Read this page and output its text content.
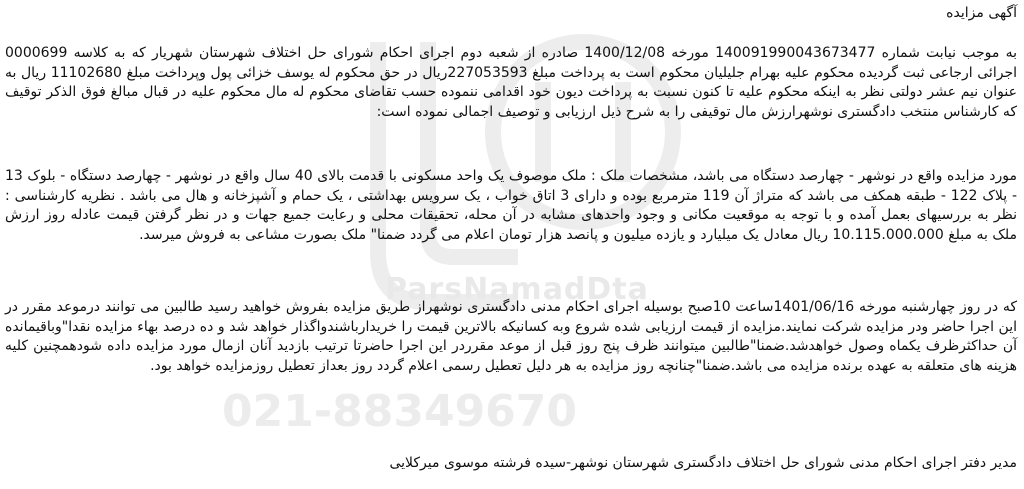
ParsNamadDta
021-88349670
آگهی مزایده

به موجب نیابت شماره 140091990043673477 مورخه 1400/12/08 صادره از شعبه دوم اجرای احکام شورای حل اختلاف شهرستان شهریار که به کلاسه 0000699 اجرائی ارجاعی ثبت گردیده محکوم علیه بهرام جلیلیان محکوم است به پرداخت مبلغ 227053593ریال در حق محکوم له یوسف خزائی پول وپرداخت مبلغ 11102680 ریال به عنوان نیم عشر دولتی نظر به اینکه محکوم علیه تا کنون نسبت به پرداخت دیون خود اقدامی ننموده حسب تقاضای محکوم له مال محکوم علیه در قبال مبالغ فوق الذکر توقیف که کارشناس منتخب دادگستری نوشهرارزش مال توقیفی را به شرح ذیل ارزیابی و توصیف اجمالی نموده است:

مورد مزایده واقع در نوشهر - چهارصد دستگاه می باشد، مشخصات ملک : ملک موصوف یک واحد مسکونی با قدمت بالای 40 سال واقع در نوشهر - چهارصد دستگاه - بلوک 13 - پلاک 122 - طبقه همکف می باشد که متراژ آن 119 مترمربع بوده و دارای 3 اتاق خواب ، یک سرویس بهداشتی ، یک حمام و آشپزخانه و هال می باشد . نظریه کارشناسی : نظر به بررسیهای بعمل آمده و با توجه به موقعیت مکانی و وجود واحدهای مشابه در آن محله، تحقیقات محلی و رعایت جمیع جهات و در نظر گرفتن قیمت عادله روز ارزش ملک به مبلغ 10.115.000.000 ریال معادل یک میلیارد و یازده میلیون و پانصد هزار تومان اعلام می گردد ضمنا" ملک بصورت مشاعی به فروش میرسد.

که در روز چهارشنبه مورخه 1401/06/16ساعت 10صبح بوسیله اجرای احکام مدنی دادگستری نوشهراز طریق مزایده بفروش خواهید رسید طالبین می توانند درموعد مقرر در این اجرا حاضر ودر مزایده شرکت نمایند.مزایده از قیمت ارزیابی شده شروع وبه کسانیکه بالاترین قیمت را خریدارباشندواگذار خواهد شد و ده درصد بهاء مزایده نقدا"وباقیمانده آن حداکثرظرف یکماه وصول خواهدشد.ضمنا"طالبین میتوانند ظرف پنج روز قبل از موعد مقرردر این اجرا حاضرتا ترتیب بازدید آنان ازمال مورد مزایده داده شودهمچنین کلیه هزینه های متعلقه به عهده برنده مزایده می باشد.ضمنا"چنانچه روز مزایده به هر دلیل تعطیل رسمی اعلام گردد روز بعداز تعطیل روزمزایده خواهد بود.

مدیر دفتر اجرای احکام مدنی شورای حل اختلاف دادگستری شهرستان نوشهر-سیده فرشته موسوی میرکلایی
